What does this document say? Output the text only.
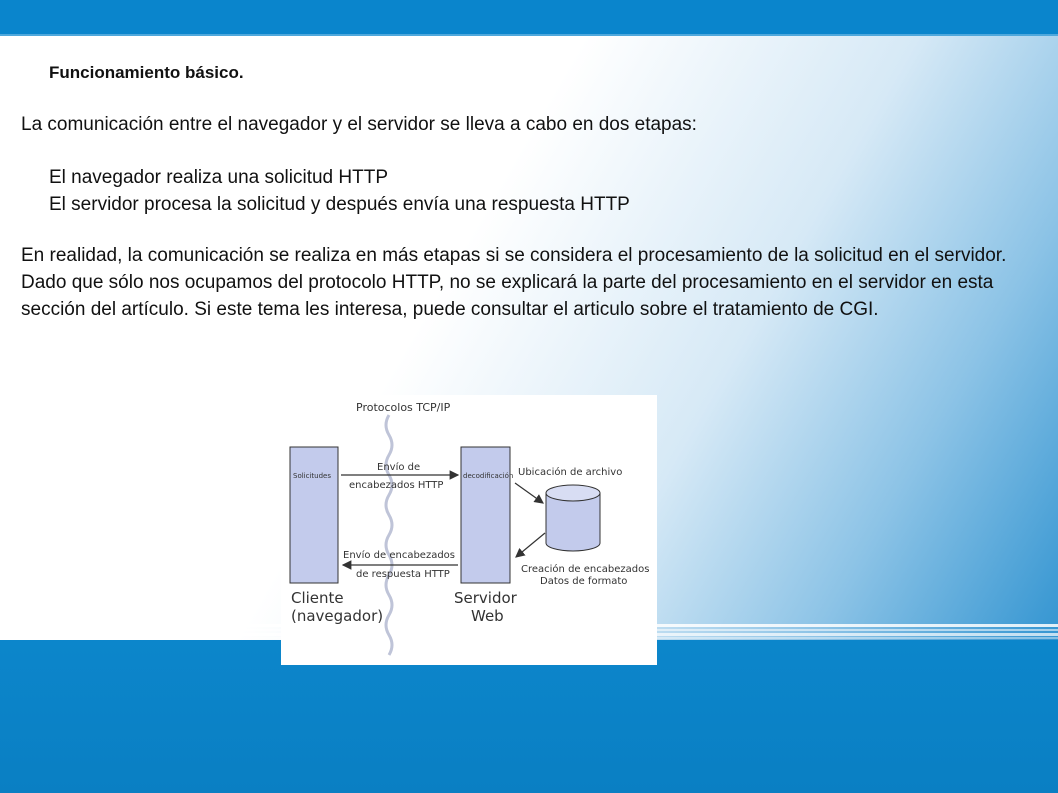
Funcionamiento básico.
La comunicación entre el navegador y el servidor se lleva a cabo en dos etapas:
El navegador realiza una solicitud HTTP
El servidor procesa la solicitud y después envía una respuesta HTTP
En realidad, la comunicación se realiza en más etapas si se considera el procesamiento de la solicitud en el servidor. Dado que sólo nos ocupamos del protocolo HTTP, no se explicará la parte del procesamiento en el servidor en esta sección del artículo. Si este tema les interesa, puede consultar el articulo sobre el tratamiento de CGI.
Solicitudes	decodificación
Protocolos TCP/IP
Envío de
encabezados HTTP
Envío de encabezados
de respuesta HTTP
Ubicación de archivo
Creación de encabezados
Datos de formato
Cliente
(navegador)
Servidor
Web
